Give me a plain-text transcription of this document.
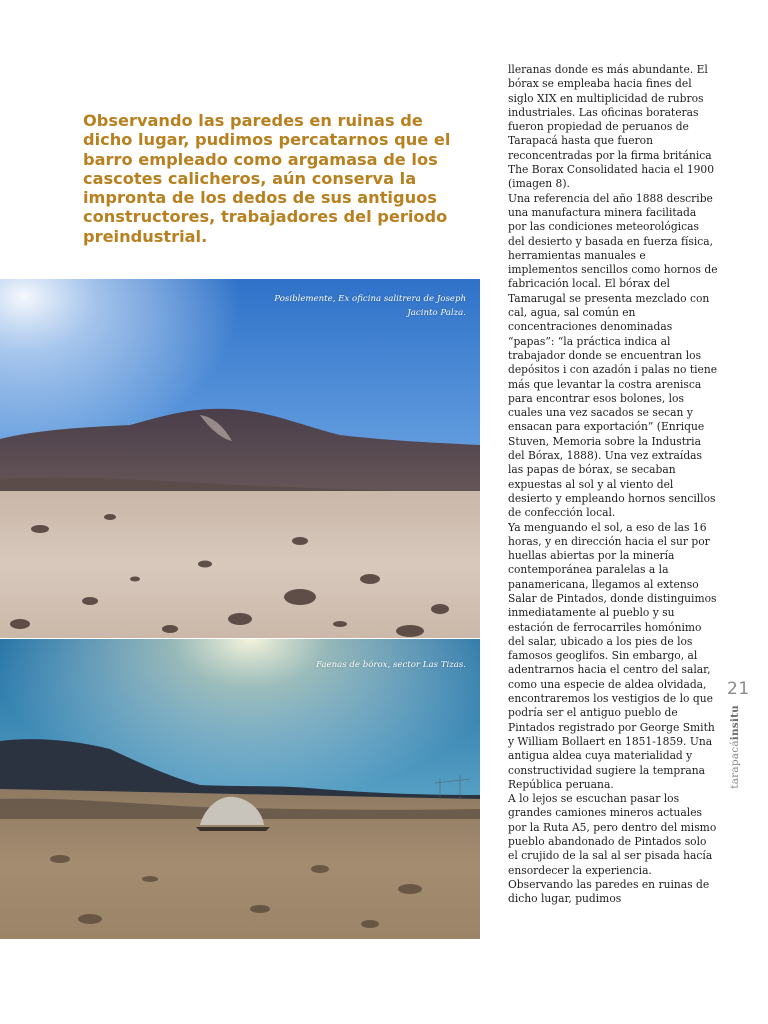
Observando las paredes en ruinas de dicho lugar, pudimos percatarnos que el barro empleado como argamasa de los cascotes calicheros, aún conserva la impronta de los dedos de sus antiguos constructores, trabajadores del periodo preindustrial.

Posiblemente, Ex oficina salitrera de Joseph
Jacinto Palza.
Faenas de bórox, sector Las Tizas.

lleranas donde es más abundante. El bórax se empleaba hacia fines del siglo XIX en multiplicidad de rubros industriales. Las oficinas borateras fueron propiedad de peruanos de Tarapacá hasta que fueron reconcentradas por la firma británica The Borax Consolidated hacia el 1900 (imagen 8).

Una referencia del año 1888 describe una manufactura minera facilitada por las condiciones meteorológicas del desierto y basada en fuerza física, herramientas manuales e implementos sencillos como hornos de fabricación local. El bórax del Tamarugal se presenta mezclado con cal, agua, sal común en concentraciones denominadas “papas”: “la práctica indica al trabajador donde se encuentran los depósitos i con azadón i palas no tiene más que levantar la costra arenisca para encontrar esos bolones, los cuales una vez sacados se secan y ensacan para exportación” (Enrique Stuven, Memoria sobre la Industria del Bórax, 1888). Una vez extraídas las papas de bórax, se secaban expuestas al sol y al viento del desierto y empleando hornos sencillos de confección local.

Ya menguando el sol, a eso de las 16 horas, y en dirección hacia el sur por huellas abiertas por la minería contemporánea paralelas a la panamericana, llegamos al extenso Salar de Pintados, donde distinguimos inmediatamente al pueblo y su estación de ferrocarriles homónimo del salar, ubicado a los pies de los famosos geoglifos. Sin embargo, al adentrarnos hacia el centro del salar, como una especie de aldea olvidada, encontraremos los vestigios de lo que podría ser el antiguo pueblo de Pintados registrado por George Smith y William Bollaert en 1851-1859. Una antigua aldea cuya materialidad y constructividad sugiere la temprana República peruana.

A lo lejos se escuchan pasar los grandes camiones mineros actuales por la Ruta A5, pero dentro del mismo pueblo abandonado de Pintados solo el crujido de la sal al ser pisada hacía ensordecer la experiencia. Observando las paredes en ruinas de dicho lugar, pudimos

21
tarapacáinsitu
